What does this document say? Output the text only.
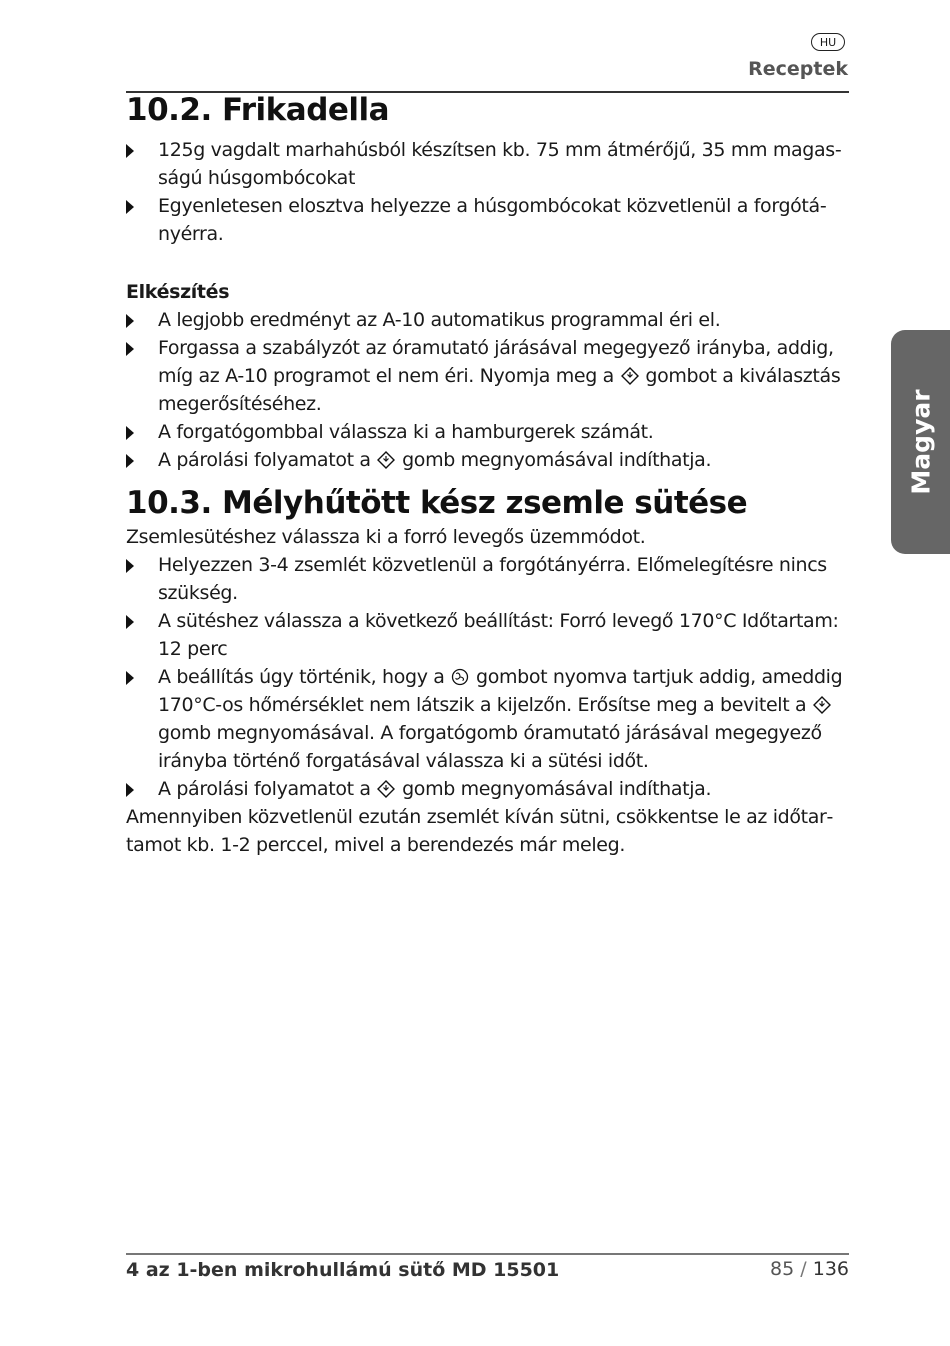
HU
Receptek
10.2. Frikadella
125g vagdalt marhahúsból készítsen kb. 75 mm átmérőjű, 35 mm magasságú húsgombócokat
Egyenletesen elosztva helyezze a húsgombócokat közvetlenül a forgótányérra.
Elkészítés
A legjobb eredményt az A-10 automatikus programmal éri el.
Forgassa a szabályzót az óramutató járásával megegyező irányba, addig, míg az A-10 programot el nem éri. Nyomja meg a gombot a kiválasztás megerősítéséhez.
A forgatógombbal válassza ki a hamburgerek számát.
A párolási folyamatot a gomb megnyomásával indíthatja.
10.3. Mélyhűtött kész zsemle sütése

Zsemlesütéshez válassza ki a forró levegős üzemmódot.

Helyezzen 3-4 zsemlét közvetlenül a forgótányérra. Előmelegítésre nincs szükség.
A sütéshez válassza a következő beállítást: Forró levegő 170°C Időtartam: 12 perc
A beállítás úgy történik, hogy a gombot nyomva tartjuk addig, ameddig 170°C-os hőmérséklet nem látszik a kijelzőn. Erősítse meg a bevitelt a  gomb megnyomásával. A forgatógomb óramutató járásával megegyező irányba történő forgatásával válassza ki a sütési időt.
A párolási folyamatot a gomb megnyomásával indíthatja.

Amennyiben közvetlenül ezután zsemlét kíván sütni, csökkentse le az időtartamot kb. 1-2 perccel, mivel a berendezés már meleg.

Magyar
4 az 1-ben mikrohullámú sütő MD 15501	85 / 136
